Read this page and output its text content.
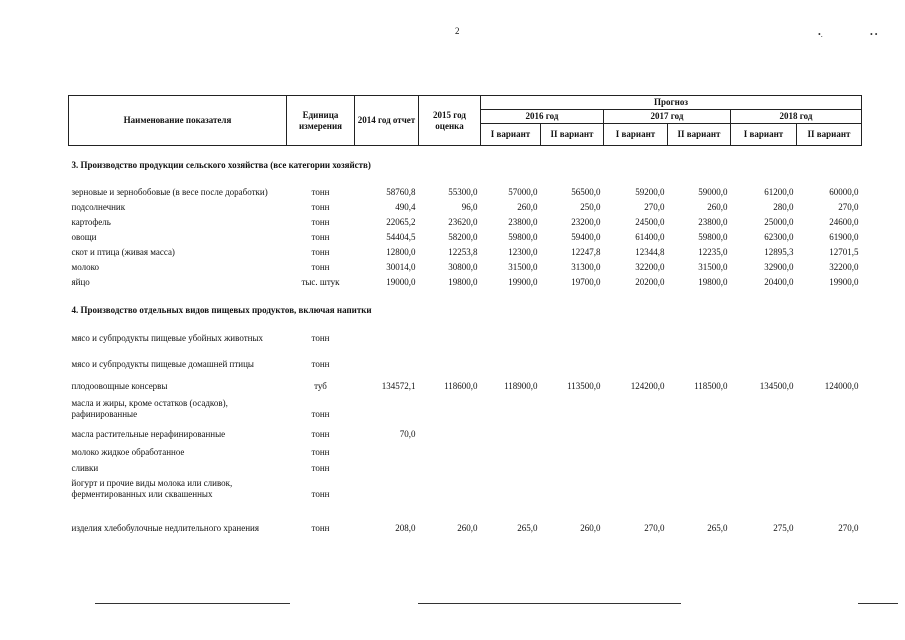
2	•.	• •
Наименование показателя	Единица измерения	2014 год отчет	2015 год оценка	Прогноз					
				2016 год		2017 год		2018 год	
				I вариант	II вариант	I вариант	II вариант	I вариант	II вариант
3. Производство продукции сельского хозяйства (все категории хозяйств)									
зерновые и зернобобовые (в весе после доработки)	тонн	58760,8	55300,0	57000,0	56500,0	59200,0	59000,0	61200,0	60000,0
подсолнечник	тонн	490,4	96,0	260,0	250,0	270,0	260,0	280,0	270,0
картофель	тонн	22065,2	23620,0	23800,0	23200,0	24500,0	23800,0	25000,0	24600,0
овощи	тонн	54404,5	58200,0	59800,0	59400,0	61400,0	59800,0	62300,0	61900,0
скот и птица (живая масса)	тонн	12800,0	12253,8	12300,0	12247,8	12344,8	12235,0	12895,3	12701,5
молоко	тонн	30014,0	30800,0	31500,0	31300,0	32200,0	31500,0	32900,0	32200,0
яйцо	тыс. штук	19000,0	19800,0	19900,0	19700,0	20200,0	19800,0	20400,0	19900,0
4. Производство отдельных видов пищевых продуктов, включая напитки									
мясо и субпродукты пищевые убойных животных	тонн								
мясо и субпродукты пищевые домашней птицы	тонн								
плодоовощные консервы	туб	134572,1	118600,0	118900,0	113500,0	124200,0	118500,0	134500,0	124000,0
масла и жиры, кроме остатков (осадков), рафинированные	тонн								
масла растительные нерафинированные	тонн	70,0							
молоко жидкое обработанное	тонн								
сливки	тонн								
йогурт и прочие виды молока или сливок, ферментированных или сквашенных	тонн								
изделия хлебобулочные недлительного хранения	тонн	208,0	260,0	265,0	260,0	270,0	265,0	275,0	270,0
